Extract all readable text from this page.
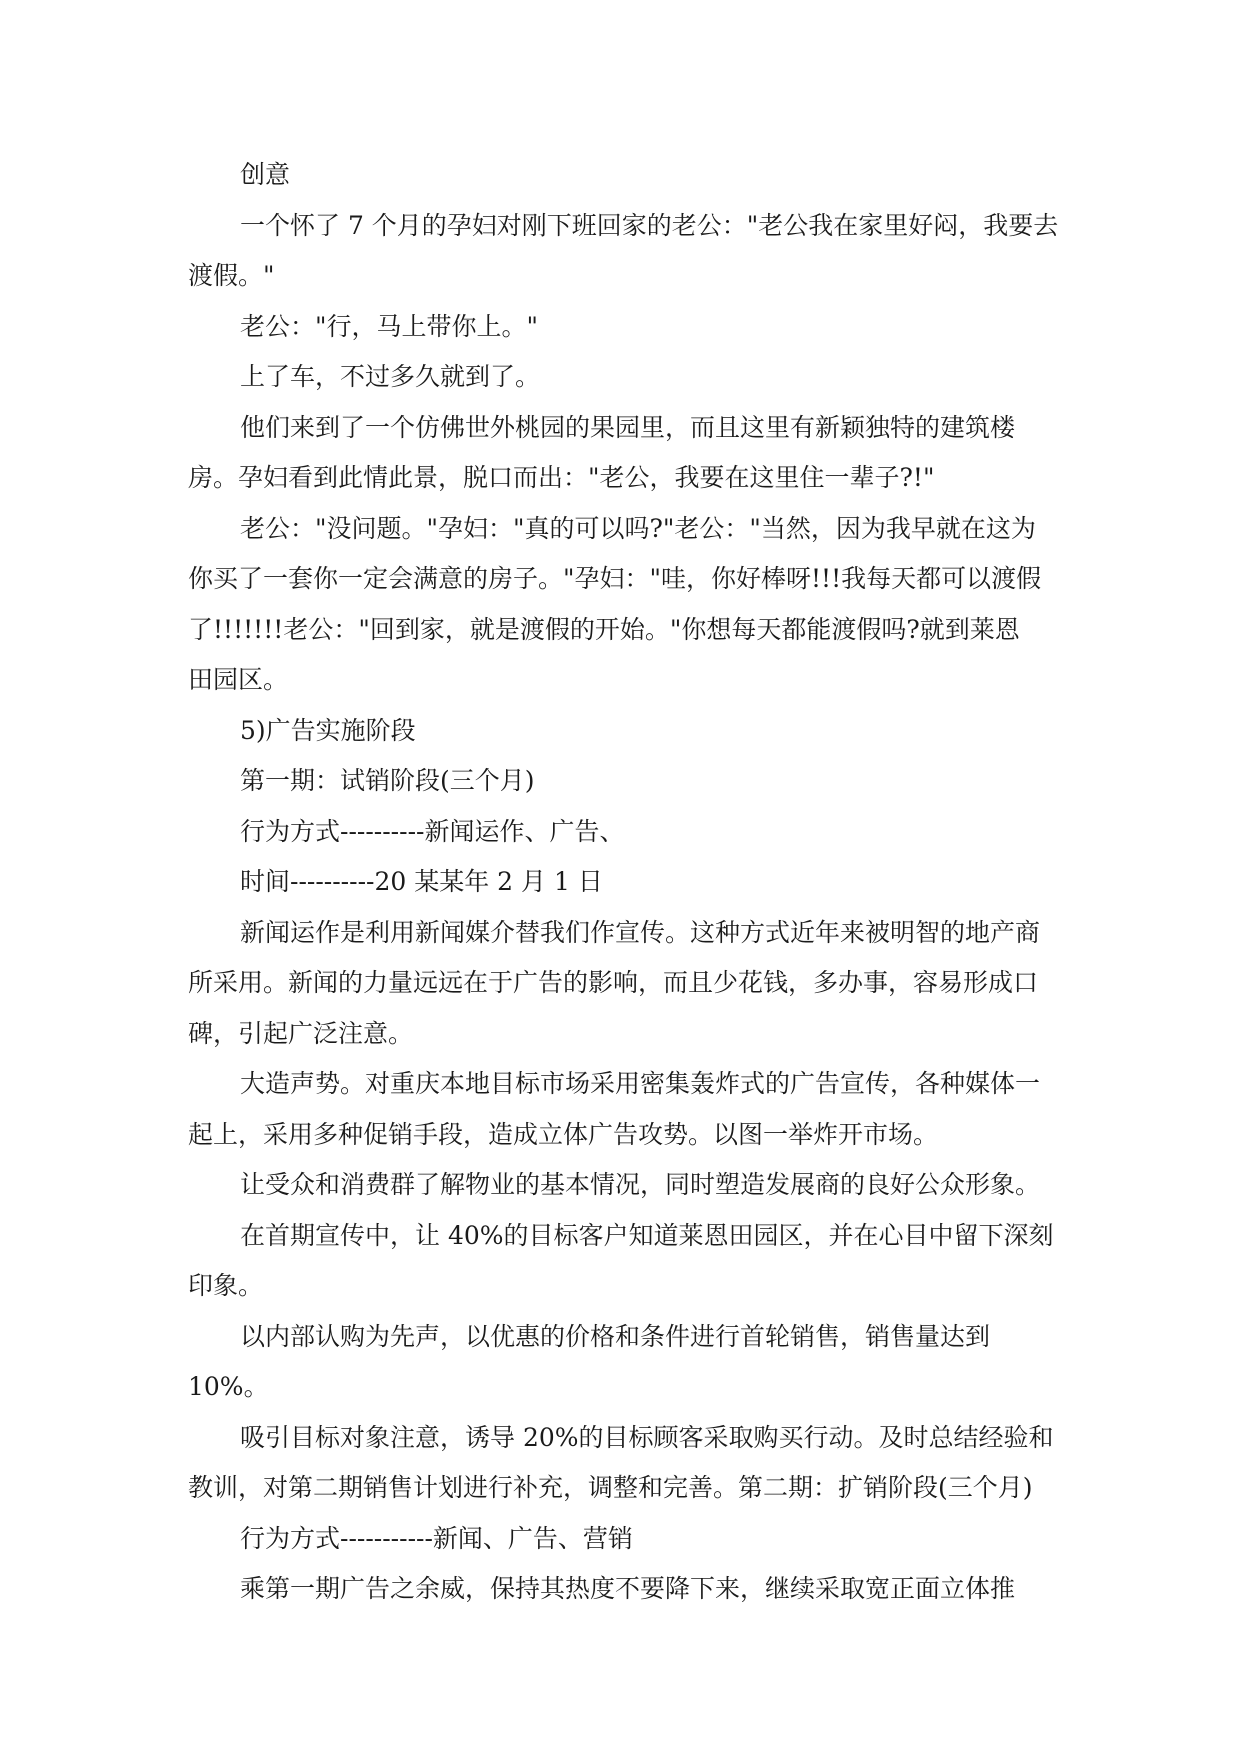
创意
一个怀了 7 个月的孕妇对刚下班回家的老公："老公我在家里好闷，我要去
渡假。"
老公："行，马上带你上。"
上了车，不过多久就到了。
他们来到了一个仿佛世外桃园的果园里，而且这里有新颖独特的建筑楼
房。孕妇看到此情此景，脱口而出："老公，我要在这里住一辈子?!"
老公："没问题。"孕妇："真的可以吗?"老公："当然，因为我早就在这为
你买了一套你一定会满意的房子。"孕妇："哇，你好棒呀!!!我每天都可以渡假
了!!!!!!!老公："回到家，就是渡假的开始。"你想每天都能渡假吗?就到莱恩
田园区。
5)广告实施阶段
第一期：试销阶段(三个月)
行为方式----------新闻运作、广告、
时间----------20 某某年 2 月 1 日
新闻运作是利用新闻媒介替我们作宣传。这种方式近年来被明智的地产商
所采用。新闻的力量远远在于广告的影响，而且少花钱，多办事，容易形成口
碑，引起广泛注意。
大造声势。对重庆本地目标市场采用密集轰炸式的广告宣传，各种媒体一
起上，采用多种促销手段，造成立体广告攻势。以图一举炸开市场。
让受众和消费群了解物业的基本情况，同时塑造发展商的良好公众形象。
在首期宣传中，让 40%的目标客户知道莱恩田园区，并在心目中留下深刻
印象。
以内部认购为先声，以优惠的价格和条件进行首轮销售，销售量达到
10%。
吸引目标对象注意，诱导 20%的目标顾客采取购买行动。及时总结经验和
教训，对第二期销售计划进行补充，调整和完善。第二期：扩销阶段(三个月)
行为方式-----------新闻、广告、营销
乘第一期广告之余威，保持其热度不要降下来，继续采取宽正面立体推
